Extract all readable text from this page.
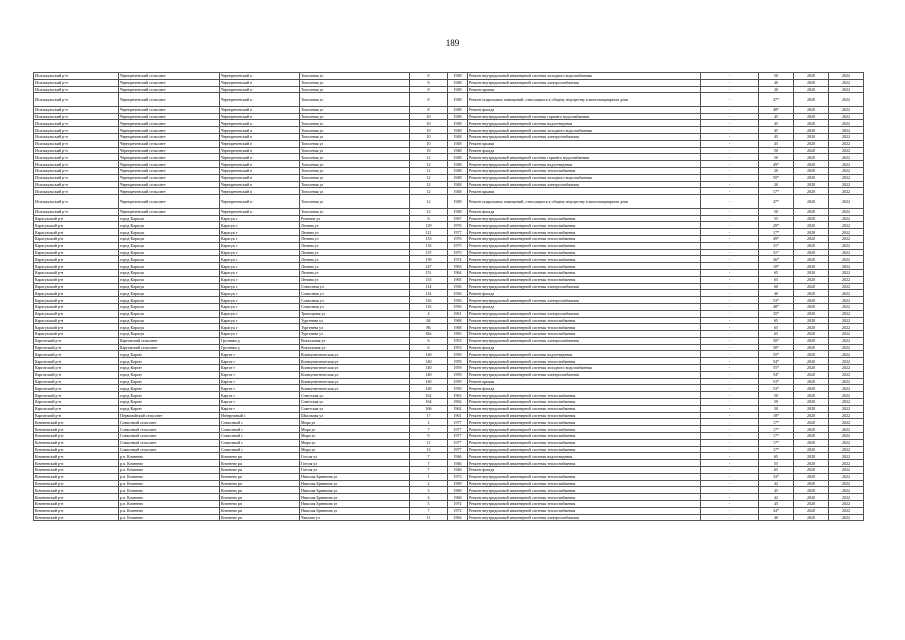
189
Исилькульский р-н	Чернореченский сельсовет	Чернореченский п	Тополевая ул	8	1948	Ремонт внутридомовой инженерной системы холодного водоснабжения	-	50	2020	2022
Исилькульский р-н	Чернореченский сельсовет	Чернореченский п	Тополевая ул	8	1948	Ремонт внутридомовой инженерной системы электроснабжения	-	40	2020	2022
Исилькульский р-н	Чернореченский сельсовет	Чернореченский п	Тополевая ул	8	1948	Ремонт крыши	-	20	2020	2022
Исилькульский р-н	Чернореченский сельсовет	Чернореченский п	Тополевая ул	8	1948	Ремонт подвальных помещений, относящихся к общему имуществу в многоквартирном доме	-	47*	2020	2022
Исилькульский р-н	Чернореченский сельсовет	Чернореченский п	Тополевая ул	8	1948	Ремонт фасада	-	48*	2020	2022
Исилькульский р-н	Чернореченский сельсовет	Чернореченский п	Тополевая ул	10	1948	Ремонт внутридомовой инженерной системы горячего водоснабжения	-	45	2020	2022
Исилькульский р-н	Чернореченский сельсовет	Чернореченский п	Тополевая ул	10	1948	Ремонт внутридомовой инженерной системы водоотведения	-	45	2020	2022
Исилькульский р-н	Чернореченский сельсовет	Чернореченский п	Тополевая ул	10	1948	Ремонт внутридомовой инженерной системы холодного водоснабжения	-	45	2020	2022
Исилькульский р-н	Чернореченский сельсовет	Чернореченский п	Тополевая ул	10	1948	Ремонт внутридомовой инженерной системы электроснабжения	-	45	2020	2022
Исилькульский р-н	Чернореченский сельсовет	Чернореченский п	Тополевая ул	10	1948	Ремонт крыши	-	45	2020	2022
Исилькульский р-н	Чернореченский сельсовет	Чернореченский п	Тополевая ул	10	1948	Ремонт фасада	-	50	2020	2022
Исилькульский р-н	Чернореченский сельсовет	Чернореченский п	Тополевая ул	12	1948	Ремонт внутридомовой инженерной системы горячего водоснабжения	-	50	2020	2022
Исилькульский р-н	Чернореченский сельсовет	Чернореченский п	Тополевая ул	12	1948	Ремонт внутридомовой инженерной системы водоотведения	-	49*	2020	2022
Исилькульский р-н	Чернореченский сельсовет	Чернореченский п	Тополевая ул	12	1948	Ремонт внутридомовой инженерной системы теплоснабжения	-	20	2020	2022
Исилькульский р-н	Чернореченский сельсовет	Чернореченский п	Тополевая ул	12	1948	Ремонт внутридомовой инженерной системы холодного водоснабжения	-	50*	2020	2022
Исилькульский р-н	Чернореченский сельсовет	Чернореченский п	Тополевая ул	12	1948	Ремонт внутридомовой инженерной системы электроснабжения	-	20	2020	2022
Исилькульский р-н	Чернореченский сельсовет	Чернореченский п	Тополевая ул	12	1948	Ремонт крыши	-	17*	2020	2022
Исилькульский р-н	Чернореченский сельсовет	Чернореченский п	Тополевая ул	12	1948	Ремонт подвальных помещений, относящихся к общему имуществу в многоквартирном доме	-	47*	2020	2022
Исилькульский р-н	Чернореченский сельсовет	Чернореченский п	Тополевая ул	12	1948	Ремонт фасада	-	50	2020	2022
Карасукский р-н	город Карасук	Карасук г	Реппина ул	6	1967	Ремонт внутридомовой инженерной системы теплоснабжения	-	55	2020	2022
Карасукский р-н	город Карасук	Карасук г	Ленина ул	129	1976	Ремонт внутридомовой инженерной системы теплоснабжения	-	29*	2020	2022
Карасукский р-н	город Карасук	Карасук г	Ленина ул	121	1977	Ремонт внутридомовой инженерной системы теплоснабжения	-	17*	2020	2022
Карасукский р-н	город Карасук	Карасук г	Ленина ул	133	1976	Ремонт внутридомовой инженерной системы теплоснабжения	-	49*	2020	2022
Карасукский р-н	город Карасук	Карасук г	Ленина ул	135	1975	Ремонт внутридомовой инженерной системы теплоснабжения	-	31*	2020	2022
Карасукский р-н	город Карасук	Карасук г	Ленина ул	137	1975	Ремонт внутридомовой инженерной системы теплоснабжения	-	31*	2020	2022
Карасукский р-н	город Карасук	Карасук г	Ленина ул	139	1974	Ремонт внутридомовой инженерной системы теплоснабжения	-	36*	2020	2022
Карасукский р-н	город Карасук	Карасук г	Ленина ул	147	1963	Ремонт внутридомовой инженерной системы теплоснабжения	-	18*	2020	2022
Карасукский р-н	город Карасук	Карасук г	Ленина ул	151	1964	Ремонт внутридомовой инженерной системы теплоснабжения	-	65	2020	2022
Карасукский р-н	город Карасук	Карасук г	Ленина ул	155	1965	Ремонт внутридомовой инженерной системы теплоснабжения	-	65	2020	2022
Карасукский р-н	город Карасук	Карасук г	Совхозная ул	114	1956	Ремонт внутридомовой инженерной системы электроснабжения	-	60	2020	2022
Карасукский р-н	город Карасук	Карасук г	Совхозная ул	114	1956	Ремонт фасада	-	40	2020	2022
Карасукский р-н	город Карасук	Карасук г	Совхозная ул	116	1956	Ремонт внутридомовой инженерной системы электроснабжения	-	53*	2020	2022
Карасукский р-н	город Карасук	Карасук г	Совхозная ул	116	1956	Ремонт фасада	-	48*	2020	2022
Карасукский р-н	город Карасук	Карасук г	Тракторная ул	4	1961	Ремонт внутридомовой инженерной системы электроснабжения	-	35*	2020	2022
Карасукский р-н	город Карасук	Карасук г	Тургенева ул	84	1968	Ремонт внутридомовой инженерной системы теплоснабжения	-	65	2020	2022
Карасукский р-н	город Карасук	Карасук г	Тургенева ул	86	1968	Ремонт внутридомовой инженерной системы теплоснабжения	-	65	2020	2022
Карасукский р-н	город Карасук	Карасук г	Тургенева ул	82а	1965	Ремонт внутридомовой инженерной системы теплоснабжения	-	65	2020	2022
Каргатский р-н	Карганский сельсовет	Грузинка д	Вокзальная ул	6	1953	Ремонт внутридомовой инженерной системы электроснабжения	-	50*	2020	2022
Каргатский р-н	Карганский сельсовет	Грузинка д	Вокзальная ул	6	1953	Ремонт фасада	-	50*	2020	2022
Каргатский р-н	город Каргат	Каргат г	Коммунистическая ул	140	1959	Ремонт внутридомовой инженерной системы водоотведения	-	55*	2020	2022
Каргатский р-н	город Каргат	Каргат г	Коммунистическая ул	140	1959	Ремонт внутридомовой инженерной системы теплоснабжения	-	54*	2020	2022
Каргатский р-н	город Каргат	Каргат г	Коммунистическая ул	140	1959	Ремонт внутридомовой инженерной системы холодного водоснабжения	-	55*	2020	2022
Каргатский р-н	город Каргат	Каргат г	Коммунистическая ул	140	1959	Ремонт внутридомовой инженерной системы электроснабжения	-	54*	2020	2022
Каргатский р-н	город Каргат	Каргат г	Коммунистическая ул	140	1959	Ремонт крыши	-	53*	2020	2022
Каргатский р-н	город Каргат	Каргат г	Коммунистическая ул	140	1959	Ремонт фасада	-	53*	2020	2022
Каргатский р-н	город Каргат	Каргат г	Советская ул	162	1963	Ремонт внутридомовой инженерной системы теплоснабжения	-	50	2020	2022
Каргатский р-н	город Каргат	Каргат г	Советская ул	164	1962	Ремонт внутридомовой инженерной системы теплоснабжения	-	50	2020	2022
Каргатский р-н	город Каргат	Каргат г	Советская ул	166	1962	Ремонт внутридомовой инженерной системы теплоснабжения	-	50	2020	2022
Каргатский р-н	Первомайский сельсовет	Набережный с	Школьная ул	17	1961	Ремонт внутридомовой инженерной системы теплоснабжения	-	18*	2020	2022
Коченевский р-н	Совхозный сельсовет	Совхозный с	Мира ул	1	1977	Ремонт внутридомовой инженерной системы теплоснабжения	-	17*	2020	2022
Коченевский р-н	Совхозный сельсовет	Совхозный с	Мира ул	7	1977	Ремонт внутридомовой инженерной системы теплоснабжения	-	17*	2020	2022
Коченевский р-н	Совхозный сельсовет	Совхозный с	Мира ул	9	1977	Ремонт внутридомовой инженерной системы теплоснабжения	-	17*	2020	2022
Коченевский р-н	Совхозный сельсовет	Совхозный с	Мира ул	11	1977	Ремонт внутридомовой инженерной системы теплоснабжения	-	17*	2020	2022
Коченевский р-н	Совхозный сельсовет	Совхозный с	Мира ул	13	1977	Ремонт внутридомовой инженерной системы теплоснабжения	-	17*	2020	2022
Коченевский р-н	р.п. Коченево	Коченево рп	Гоголя ул	7	1946	Ремонт внутридомовой инженерной системы водоотведения	-	65	2020	2022
Коченевский р-н	р.п. Коченево	Коченево рп	Гоголя ул	7	1946	Ремонт внутридомовой инженерной системы теплоснабжения	-	55	2020	2022
Коченевский р-н	р.п. Коченево	Коченево рп	Гоголя ул	7	1946	Ремонт фасада	-	65	2020	2022
Коченевский р-н	р.п. Коченево	Коченево рп	Николая Бревнина ул	1	1973	Ремонт внутридомовой инженерной системы теплоснабжения	-	33*	2020	2022
Коченевский р-н	р.п. Коченево	Коченево рп	Николая Бревнина ул	2	1969	Ремонт внутридомовой инженерной системы теплоснабжения	-	42	2020	2022
Коченевский р-н	р.п. Коченево	Коченево рп	Николая Бревнина ул	3	1969	Ремонт внутридомовой инженерной системы теплоснабжения	-	45	2020	2022
Коченевский р-н	р.п. Коченево	Коченево рп	Николая Бревнина ул	4	1966	Ремонт внутридомовой инженерной системы теплоснабжения	-	42	2020	2022
Коченевский р-н	р.п. Коченево	Коченево рп	Николая Бревнина ул	5	1974	Ремонт внутридомовой инженерной системы теплоснабжения	-	45	2020	2022
Коченевский р-н	р.п. Коченево	Коченево рп	Николая Бревнина ул	7	1972	Ремонт внутридомовой инженерной системы теплоснабжения	-	34*	2020	2022
Коченевский р-н	р.п. Коченево	Коченево рп	Чкалова ул	11	1964	Ремонт внутридомовой инженерной системы электроснабжения	-	40	2020	2022
